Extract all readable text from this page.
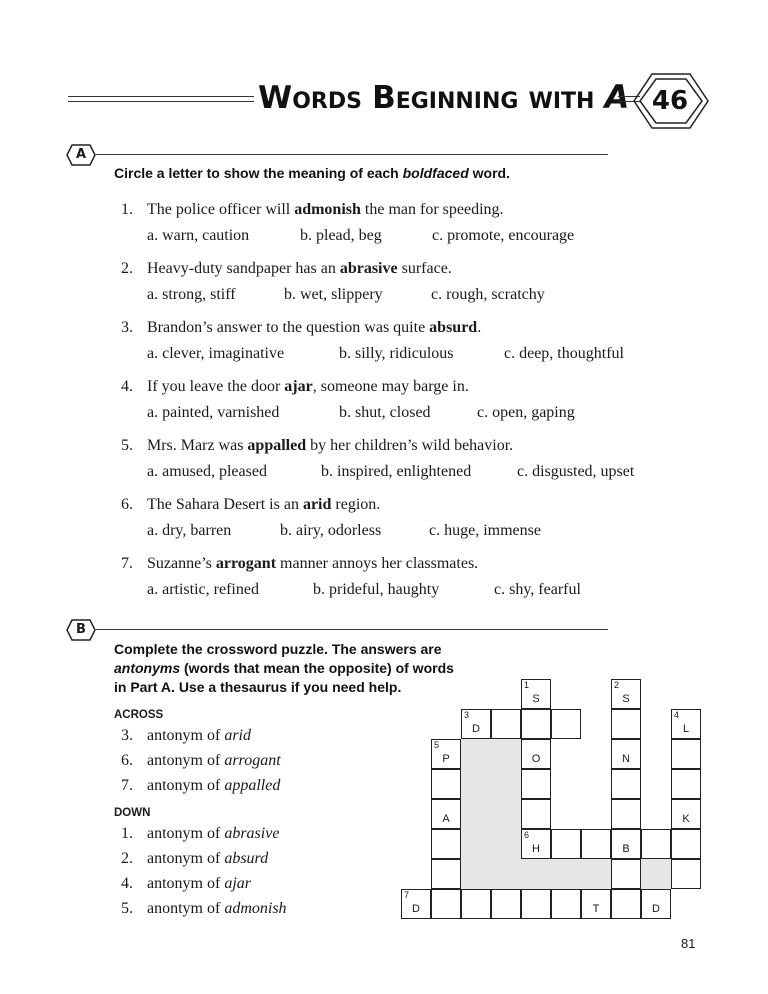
WORDS BEGINNING WITH A 46
A
Circle a letter to show the meaning of each boldfaced word.
1. The police officer will admonish the man for speeding.
a. warn, caution	b. plead, beg	c. promote, encourage
2. Heavy-duty sandpaper has an abrasive surface.
a. strong, stiff	b. wet, slippery	c. rough, scratchy
3. Brandon’s answer to the question was quite absurd.
a. clever, imaginative	b. silly, ridiculous	c. deep, thoughtful
4. If you leave the door ajar, someone may barge in.
a. painted, varnished	b. shut, closed	c. open, gaping
5. Mrs. Marz was appalled by her children’s wild behavior.
a. amused, pleased	b. inspired, enlightened	c. disgusted, upset
6. The Sahara Desert is an arid region.
a. dry, barren	b. airy, odorless	c. huge, immense
7. Suzanne’s arrogant manner annoys her classmates.
a. artistic, refined	b. prideful, haughty	c. shy, fearful
B
Complete the crossword puzzle. The answers are
antonyms (words that mean the opposite) of words
in Part A. Use a thesaurus if you need help.
ACROSS
3. antonym of arid
6. antonym of arrogant
7. antonym of appalled
DOWN
1. antonym of abrasive
2. antonym of absurd
4. antonym of ajar
5. anontym of admonish
1
S
2
S
3
D
4
L
5
P	O	N
A	K
6
H	B
7
D	T	D
81
